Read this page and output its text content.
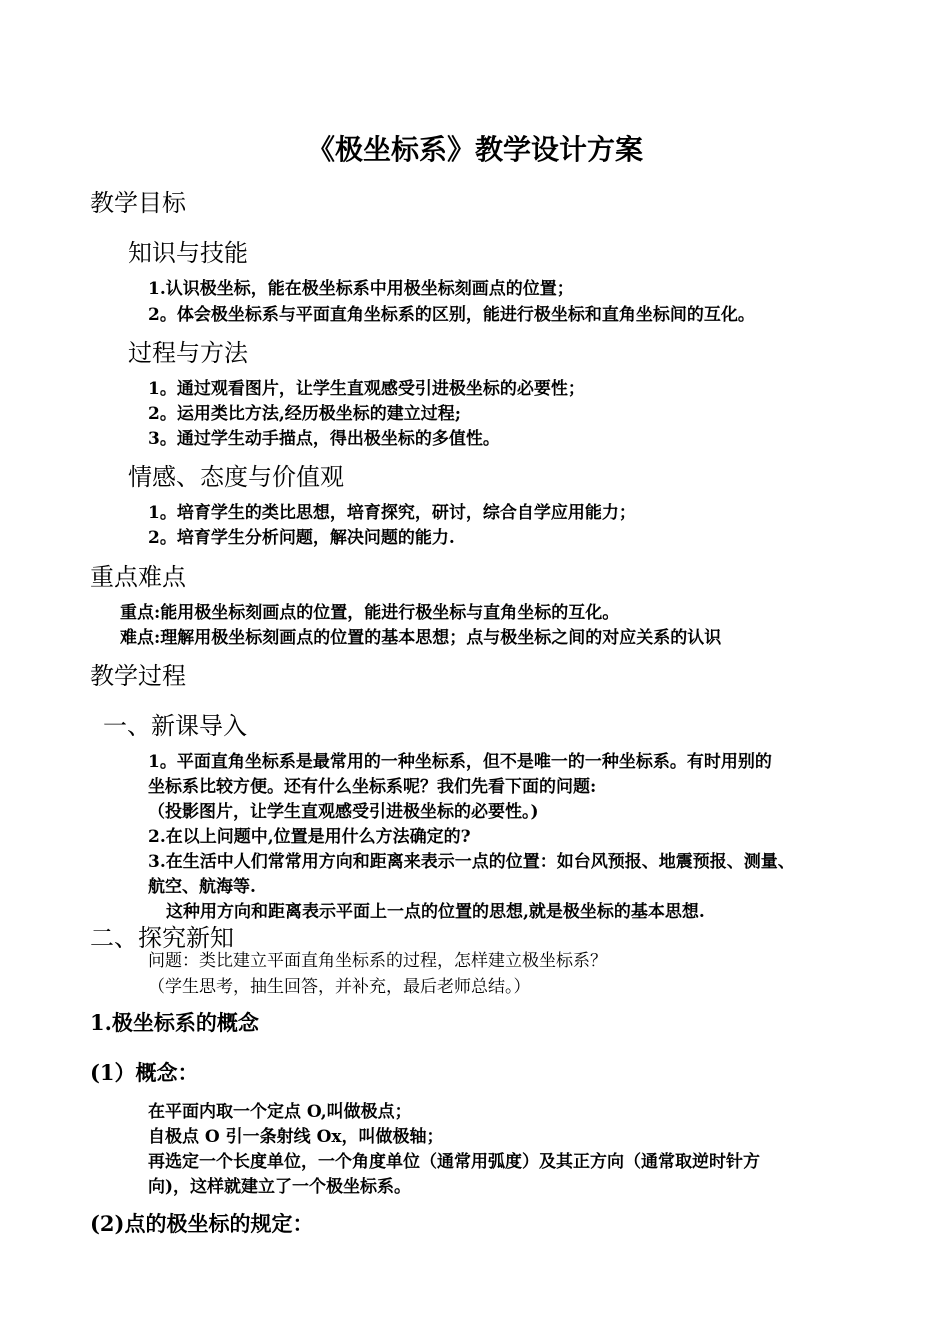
《极坐标系》教学设计方案
教学目标
知识与技能
1.认识极坐标，能在极坐标系中用极坐标刻画点的位置；
2。体会极坐标系与平面直角坐标系的区别，能进行极坐标和直角坐标间的互化。
过程与方法
1。通过观看图片，让学生直观感受引进极坐标的必要性；
2。运用类比方法,经历极坐标的建立过程;
3。通过学生动手描点，得出极坐标的多值性。
情感、态度与价值观
1。培育学生的类比思想，培育探究，研讨，综合自学应用能力；
2。培育学生分析问题，解决问题的能力.
重点难点
重点:能用极坐标刻画点的位置，能进行极坐标与直角坐标的互化。
难点:理解用极坐标刻画点的位置的基本思想；点与极坐标之间的对应关系的认识
教学过程
一、新课导入
1。平面直角坐标系是最常用的一种坐标系，但不是唯一的一种坐标系。有时用别的
坐标系比较方便。还有什么坐标系呢？我们先看下面的问题:
（投影图片，让学生直观感受引进极坐标的必要性。)
2.在以上问题中,位置是用什么方法确定的?
3.在生活中人们常常用方向和距离来表示一点的位置：如台风预报、地震预报、测量、
航空、航海等.
这种用方向和距离表示平面上一点的位置的思想,就是极坐标的基本思想.
二、探究新知
问题：类比建立平面直角坐标系的过程，怎样建立极坐标系？
（学生思考，抽生回答，并补充，最后老师总结。）
1.极坐标系的概念
(1）概念：
在平面内取一个定点 O,叫做极点；
自极点 O 引一条射线 Ox，叫做极轴；
再选定一个长度单位，一个角度单位（通常用弧度）及其正方向（通常取逆时针方
向)，这样就建立了一个极坐标系。
(2)点的极坐标的规定：
